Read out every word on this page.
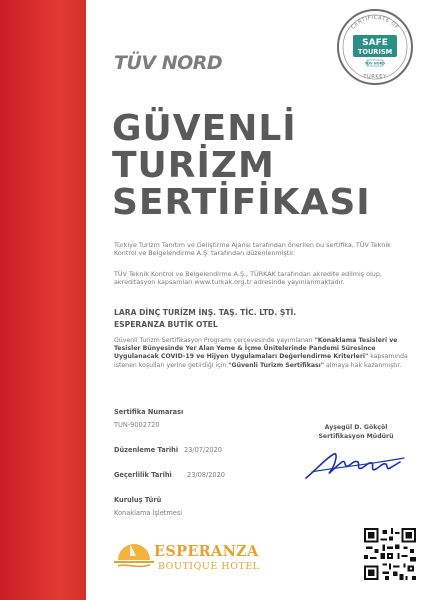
TÜV NORD
CERTIFICATE OF
SAFE
TOURISM
TÜV NORD
TURKEY
GÜVENLİ
TURİZM
SERTİFİKASI
Türkiye Turizm Tanıtım ve Geliştirme Ajansı tarafından önerilen bu sertifika, TÜV Teknik Kontrol ve Belgelendirme A.Ş. tarafından düzenlenmiştir.
TÜV Teknik Kontrol ve Belgelendirme A.Ş., TÜRKAK tarafından akredite edilmiş olup, akreditasyon kapsamları www.turkak.org.tr adresinde yayınlanmaktadır.
LARA DİNÇ TURİZM İNŞ. TAŞ. TİC. LTD. ŞTİ.
ESPERANZA BUTİK OTEL
Güvenli Turizm Sertifikasyon Programı çerçevesinde yayımlanan "Konaklama Tesisleri ve Tesisler Bünyesinde Yer Alan Yeme & İçme Ünitelerinde Pandemi Süresince Uygulanacak COVID-19 ve Hijyen Uygulamaları Değerlendirme Kriterleri" kapsamında istenen koşulları yerine getirdiği için "Güvenli Turizm Sertifikası" almaya hak kazanmıştır.
Sertifika Numarası
TUN-9002720
Düzenleme Tarihi 23/07/2020
Geçerlilik Tarihi 23/08/2020
Kuruluş Türü
Konaklama İşletmesi
Ayşegül D. Gökçöl
Sertifikasyon Müdürü
ESPERANZA
BOUTIQUE HOTEL
